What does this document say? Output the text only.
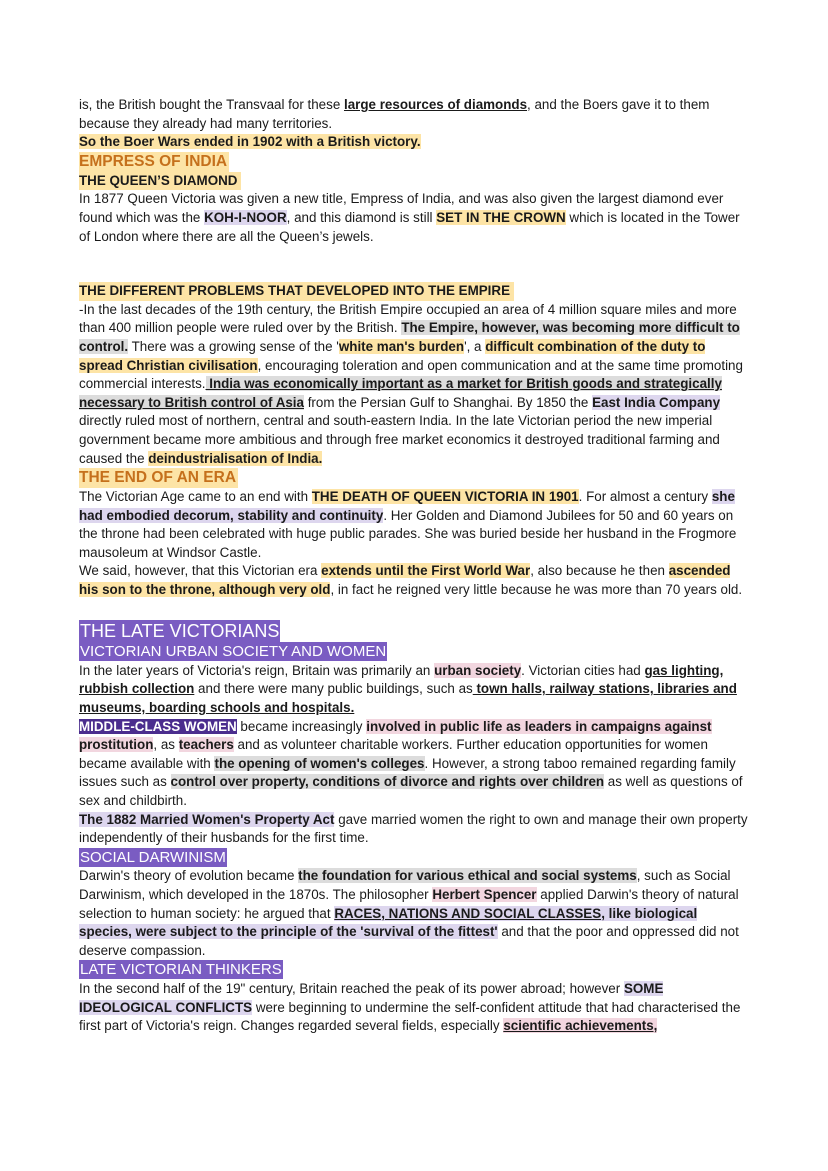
is, the British bought the Transvaal for these large resources of diamonds, and the Boers gave it to them because they already had many territories.

So the Boer Wars ended in 1902 with a British victory.

EMPRESS OF INDIA
THE QUEEN’S DIAMOND

In 1877 Queen Victoria was given a new title, Empress of India, and was also given the largest diamond ever found which was the KOH-I-NOOR, and this diamond is still SET IN THE CROWN which is located in the Tower of London where there are all the Queen’s jewels.

THE DIFFERENT PROBLEMS THAT DEVELOPED INTO THE EMPIRE

-In the last decades of the 19th century, the British Empire occupied an area of 4 million square miles and more than 400 million people were ruled over by the British. The Empire, however, was becoming more difficult to control. There was a growing sense of the 'white man's burden', a difficult combination of the duty to spread Christian civilisation, encouraging toleration and open communication and at the same time promoting commercial interests. India was economically important as a market for British goods and strategically necessary to British control of Asia from the Persian Gulf to Shanghai. By 1850 the East India Company directly ruled most of northern, central and south-eastern India. In the late Victorian period the new imperial government became more ambitious and through free market economics it destroyed traditional farming and caused the deindustrialisation of India.

THE END OF AN ERA

The Victorian Age came to an end with THE DEATH OF QUEEN VICTORIA IN 1901. For almost a century she had embodied decorum, stability and continuity. Her Golden and Diamond Jubilees for 50 and 60 years on the throne had been celebrated with huge public parades. She was buried beside her husband in the Frogmore mausoleum at Windsor Castle.

We said, however, that this Victorian era extends until the First World War, also because he then ascended his son to the throne, although very old, in fact he reigned very little because he was more than 70 years old.

THE LATE VICTORIANS
VICTORIAN URBAN SOCIETY AND WOMEN

In the later years of Victoria's reign, Britain was primarily an urban society. Victorian cities had gas lighting, rubbish collection and there were many public buildings, such as town halls, railway stations, libraries and museums, boarding schools and hospitals.

MIDDLE-CLASS WOMEN became increasingly involved in public life as leaders in campaigns against prostitution, as teachers and as volunteer charitable workers. Further education opportunities for women became available with the opening of women's colleges. However, a strong taboo remained regarding family issues such as control over property, conditions of divorce and rights over children as well as questions of sex and childbirth.

The 1882 Married Women's Property Act gave married women the right to own and manage their own property independently of their husbands for the first time.

SOCIAL DARWINISM

Darwin's theory of evolution became the foundation for various ethical and social systems, such as Social Darwinism, which developed in the 1870s. The philosopher Herbert Spencer applied Darwin's theory of natural selection to human society: he argued that RACES, NATIONS AND SOCIAL CLASSES, like biological species, were subject to the principle of the 'survival of the fittest' and that the poor and oppressed did not deserve compassion.

LATE VICTORIAN THINKERS

In the second half of the 19" century, Britain reached the peak of its power abroad; however SOME IDEOLOGICAL CONFLICTS were beginning to undermine the self-confident attitude that had characterised the first part of Victoria's reign. Changes regarded several fields, especially scientific achievements,
